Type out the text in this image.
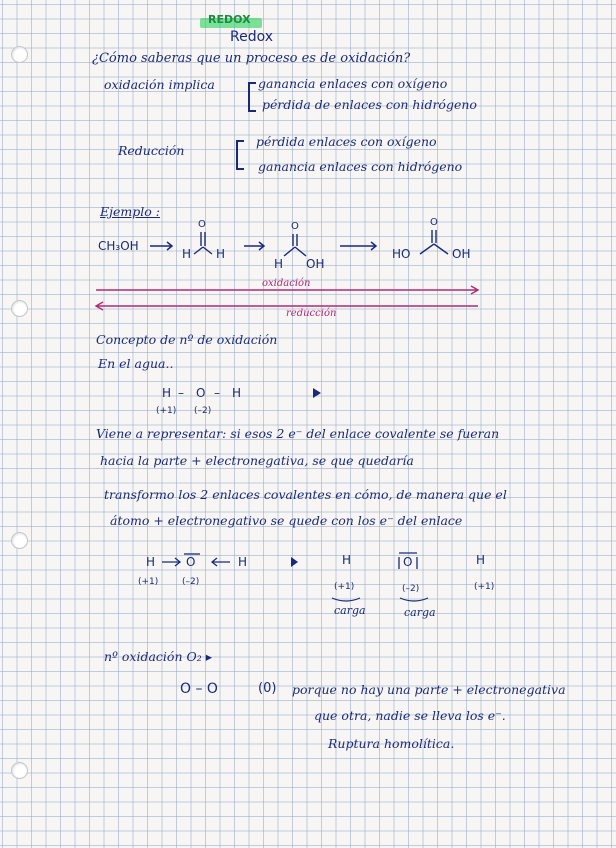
REDOX
Redox
¿Cómo saberas que un proceso es de oxidación?
oxidación implica	ganancia enlaces con oxígeno
pérdida de enlaces con hidrógeno
Reducción
pérdida enlaces con oxígeno
ganancia enlaces con hidrógeno
Ejemplo :
CH₃OH
O
H H
O
H OH
O
HO	OH
oxidación
reducción
Concepto de nº de oxidación
En el agua..
H – O – H
(+1) (–2)
Viene a representar: si esos 2 e⁻ del enlace covalente se fueran
hacia la parte + electronegativa, se que quedaría
transformo los 2 enlaces covalentes en cómo, de manera que el
átomo + electronegativo se quede con los e⁻ del enlace
H	O	H
(+1)	(–2)
H	O	H
(+1)	(–2)	(+1)
carga	carga
nº oxidación O₂ ▸
O – O	(0) porque no hay una parte + electronegativa
que otra, nadie se lleva los e⁻.
Ruptura homolítica.
